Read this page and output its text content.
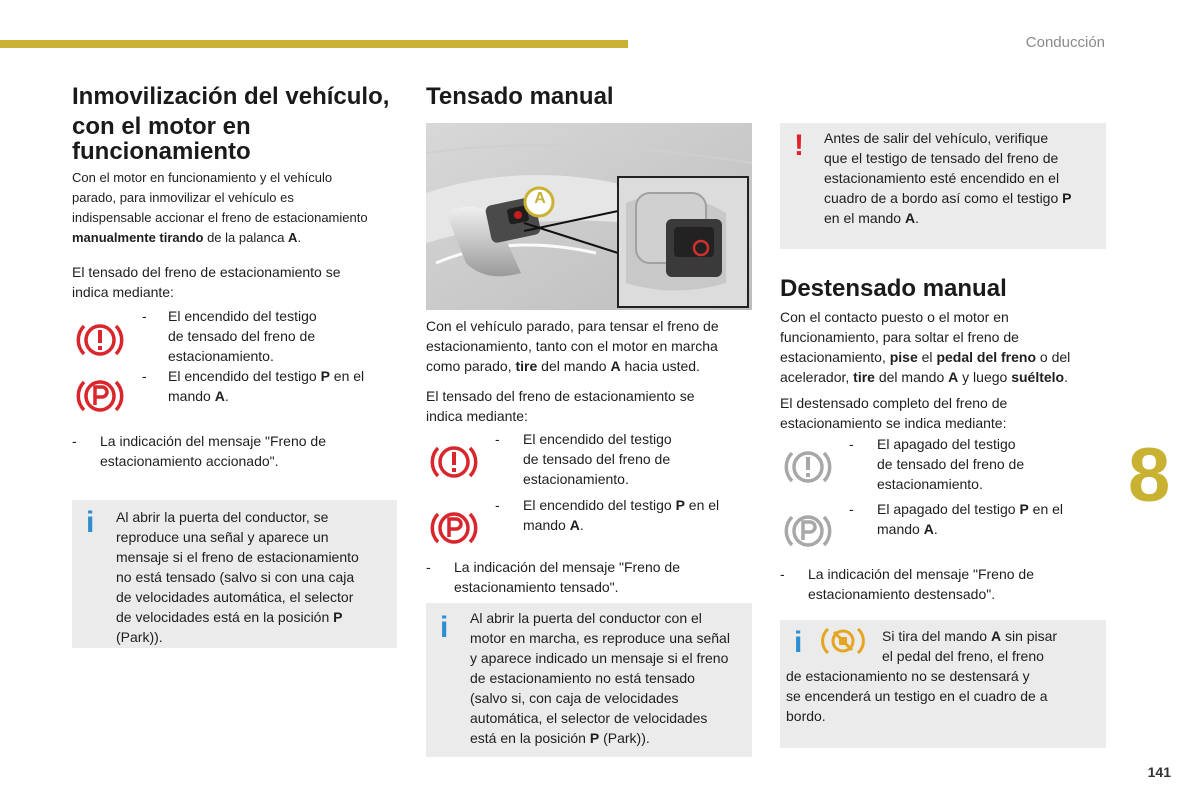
Conducción
8
141
Inmovilización del vehículo,
con el motor en
funcionamiento

Con el motor en funcionamiento y el vehículo

parado, para inmovilizar el vehículo es

indispensable accionar el freno de estacionamiento

manualmente tirando de la palanca A.

El tensado del freno de estacionamiento se

indica mediante:

- El encendido del testigo
de tensado del freno de
estacionamiento.
- El encendido del testigo P en el
mando A.
- La indicación del mensaje "Freno de
estacionamiento accionado".
i Al abrir la puerta del conductor, se
reproduce una señal y aparece un
mensaje si el freno de estacionamiento
no está tensado (salvo si con una caja
de velocidades automática, el selector
de velocidades está en la posición P
(Park)).
Tensado manual
A

Con el vehículo parado, para tensar el freno de

estacionamiento, tanto con el motor en marcha

como parado, tire del mando A hacia usted.

El tensado del freno de estacionamiento se

indica mediante:

- El encendido del testigo
de tensado del freno de
estacionamiento.
- El encendido del testigo P en el
mando A.
- La indicación del mensaje "Freno de
estacionamiento tensado".
i Al abrir la puerta del conductor con el
motor en marcha, es reproduce una señal
y aparece indicado un mensaje si el freno
de estacionamiento no está tensado
(salvo si, con caja de velocidades
automática, el selector de velocidades
está en la posición P (Park)).
! Antes de salir del vehículo, verifique
que el testigo de tensado del freno de
estacionamiento esté encendido en el
cuadro de a bordo así como el testigo P
en el mando A.
Destensado manual

Con el contacto puesto o el motor en

funcionamiento, para soltar el freno de

estacionamiento, pise el pedal del freno o del

acelerador, tire del mando A y luego suéltelo.

El destensado completo del freno de

estacionamiento se indica mediante:

- El apagado del testigo
de tensado del freno de
estacionamiento.
- El apagado del testigo P en el
mando A.
- La indicación del mensaje "Freno de
estacionamiento destensado".
i	Si tira del mando A sin pisar
el pedal del freno, el freno
de estacionamiento no se destensará y
se encenderá un testigo en el cuadro de a
bordo.
